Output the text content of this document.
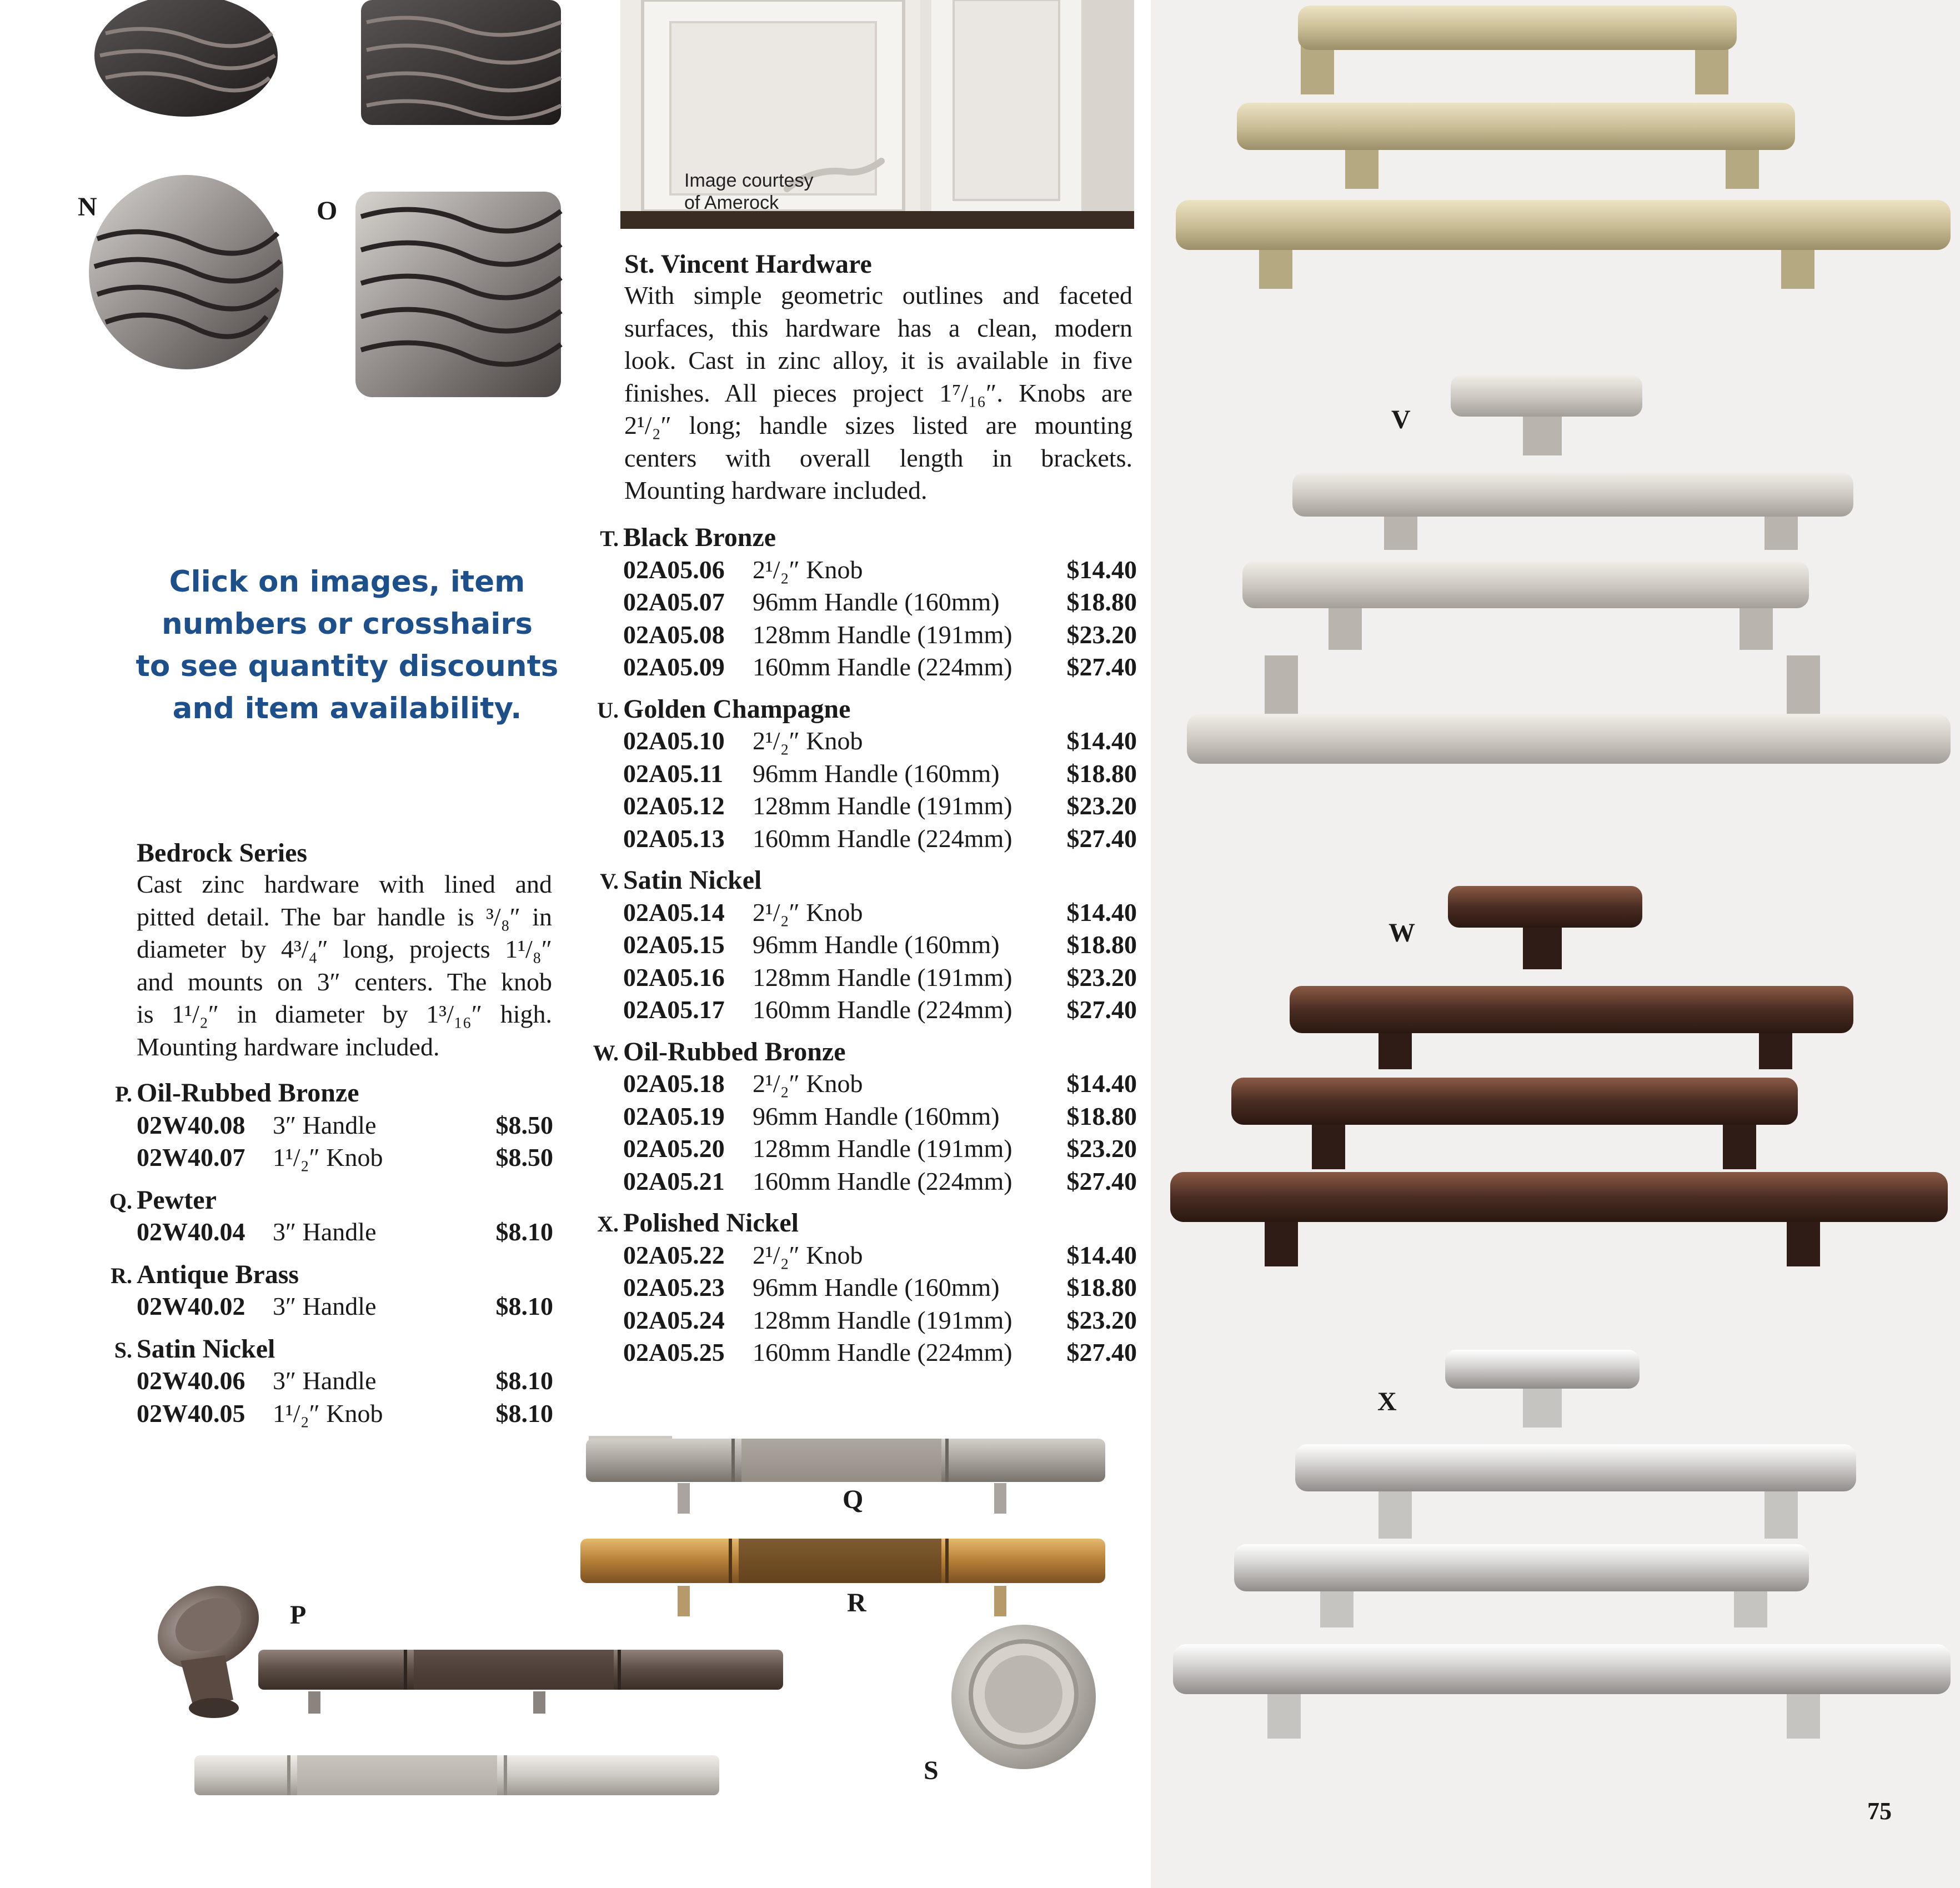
N	O
Image courtesy
of Amerock
St. Vincent Hardware
With simple geometric outlines and faceted
surfaces, this hardware has a clean, modern
look. Cast in zinc alloy, it is available in five
finishes. All pieces project 1⁷/₁₆″. Knobs are
2¹/₂″ long; handle sizes listed are mounting
centers with overall length in brackets.
Mounting hardware included.
T. Black Bronze
02A05.06 2¹/₂″ Knob	$14.40
02A05.07 96mm Handle (160mm)	$18.80
02A05.08 128mm Handle (191mm) $23.20
02A05.09 160mm Handle (224mm) $27.40
U. Golden Champagne
02A05.10 2¹/₂″ Knob	$14.40
02A05.11 96mm Handle (160mm)	$18.80
02A05.12 128mm Handle (191mm) $23.20
02A05.13 160mm Handle (224mm) $27.40
V. Satin Nickel
02A05.14 2¹/₂″ Knob	$14.40
02A05.15 96mm Handle (160mm)	$18.80
02A05.16 128mm Handle (191mm) $23.20
02A05.17 160mm Handle (224mm) $27.40
W. Oil-Rubbed Bronze
02A05.18 2¹/₂″ Knob	$14.40
02A05.19 96mm Handle (160mm)	$18.80
02A05.20 128mm Handle (191mm) $23.20
02A05.21 160mm Handle (224mm) $27.40
X. Polished Nickel
02A05.22 2¹/₂″ Knob	$14.40
02A05.23 96mm Handle (160mm)	$18.80
02A05.24 128mm Handle (191mm) $23.20
02A05.25 160mm Handle (224mm) $27.40
Click on images, item
numbers or crosshairs
to see quantity discounts
and item availability.
Bedrock Series
Cast zinc hardware with lined and
pitted detail. The bar handle is ³/₈″ in
diameter by 4³/₄″ long, projects 1¹/₈″
and mounts on 3″ centers. The knob
is 1¹/₂″ in diameter by 1³/₁₆″ high.
Mounting hardware included.
P. Oil-Rubbed Bronze
02W40.08 3″ Handle	$8.50
02W40.07 1¹/₂″ Knob	$8.50
Q. Pewter
02W40.04 3″ Handle	$8.10
R. Antique Brass
02W40.02 3″ Handle	$8.10
S. Satin Nickel
02W40.06 3″ Handle	$8.10
02W40.05 1¹/₂″ Knob	$8.10
Q
R
P
S
V
W
X
75
